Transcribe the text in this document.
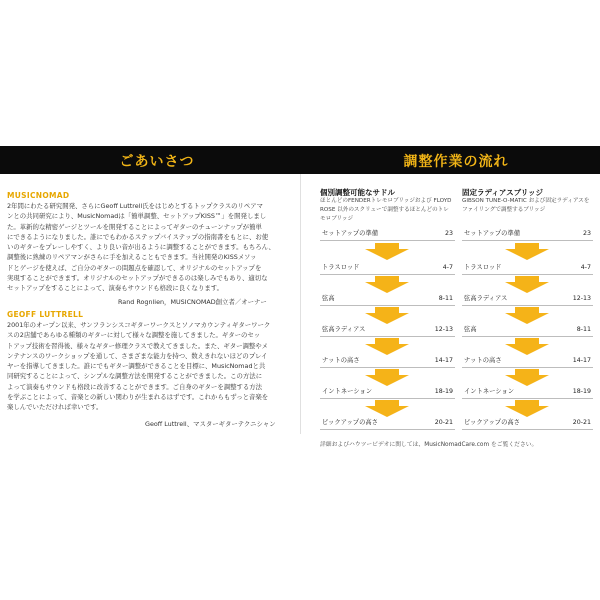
ごあいさつ	調整作業の流れ
MUSICNOMAD
2年間にわたる研究開発、さらにGeoff Luttrell氏をはじめとするトップクラスのリペアマ
ンとの共同研究により、MusicNomadは「簡単調整、セットアップKISS™」を開発しまし
た。革新的な精密ゲージとツールを開発することによってギターのチューンナップが簡単
にできるようになりました。誰にでもわかるステップバイステップの指南書をもとに、お使
いのギターをプレーしやすく、より良い音が出るように調整することができます。もちろん、
調整後に熟練のリペアマンがさらに手を加えることもできます。当社開発のKISSメソッ
ドとゲージを使えば、ご自分のギターの問題点を確認して、オリジナルのセットアップを
実現することができます。オリジナルのセットアップができるのは楽しみでもあり、適切な
セットアップをすることによって、演奏もサウンドも格段に良くなります。
Rand Rognlien，MUSICNOMAD創立者／オーナー
GEOFF LUTTRELL
2001年のオープン以来、サンフランシスコギターワークスとソノマカウンティギターワーク
スの2店舗であらゆる種類のギターに対して様々な調整を施してきました。ギターのセッ
トアップ技術を習得後、様々なギター修理クラスで教えてきました。また、ギター調整やメ
ンテナンスのワークショップを通して、さまざまな能力を持つ、数えきれないほどのプレイ
ヤーを指導してきました。誰にでもギター調整ができることを目標に、MusicNomadと共
同研究することによって、シンプルな調整方法を開発することができました。この方法に
よって演奏もサウンドも格段に改善することができます。ご自身のギターを調整する方法
を学ぶことによって、音楽との新しい関わりが生まれるはずです。これからもずっと音楽を
楽しんでいただければ幸いです。
Geoff Luttrell、マスターギターテクニシャン
個別調整可能なサドル
ほとんどのFENDERトレモロブリッジおよび FLOYD
ROSE 以外のスクリューで調整するほとんどのトレ
モロブリッジ
固定ラディアスブリッジ
GIBSON TUNE-O-MATIC および固定ラディアスを
ファイリングで調整するブリッジ
セットアップの準備	23
トラスロッド	4-7
弦高	8-11
弦高ラディアス	12-13
ナットの高さ	14-17
イントネーション	18-19
ピックアップの高さ	20-21
セットアップの準備	23
トラスロッド	4-7
弦高ラディアス	12-13
弦高	8-11
ナットの高さ	14-17
イントネーション	18-19
ピックアップの高さ	20-21
詳細およびハウツービデオに関しては、MusicNomadCare.com をご覧ください。
